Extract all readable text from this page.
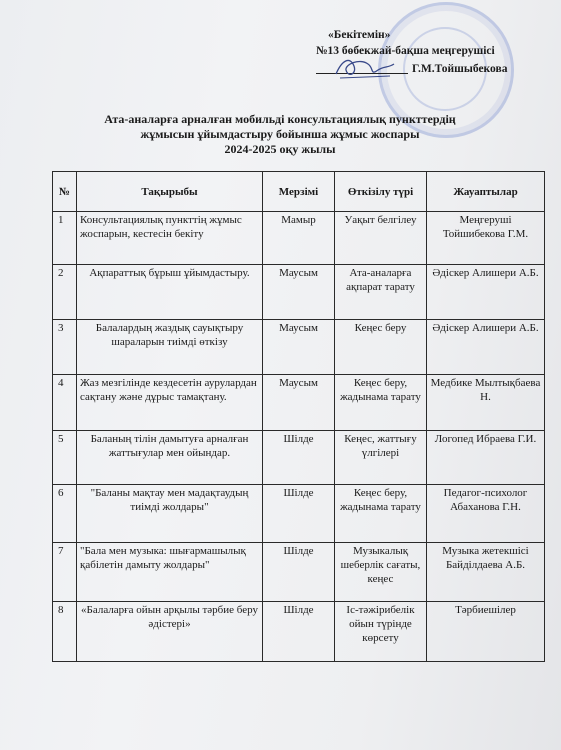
«Бекітемін»
№13 бөбекжай-бақша меңгерушісі
Г.М.Тойшыбекова
Ата-аналарға арналған мобильді консультациялық пункттердің
жұмысын ұйымдастыру бойынша жұмыс жоспары
2024-2025 оқу жылы
№	Тақырыбы	Мерзімі	Өткізілу түрі	Жауаптылар
1	Консультациялық пункттің жұмыс жоспарын, кестесін бекіту	Мамыр	Уақыт белгілеу	Меңгеруші Тойшибекова Г.М.
2	Ақпараттық бұрыш ұйымдастыру.	Маусым	Ата-аналарға ақпарат тарату	Әдіскер Алишери А.Б.
3	Балалардың жаздық сауықтыру шараларын тиімді өткізу	Маусым	Кеңес беру	Әдіскер Алишери А.Б.
4	Жаз мезгілінде кездесетін аурулардан сақтану және дұрыс тамақтану.	Маусым	Кеңес беру, жадынама тарату	Медбике Мылтықбаева Н.
5	Баланың тілін дамытуға арналған жаттығулар мен ойындар.	Шілде	Кеңес, жаттығу үлгілері	Логопед Ибраева Г.И.
6	"Баланы мақтау мен мадақтаудың тиімді жолдары"	Шілде	Кеңес беру, жадынама тарату	Педагог-психолог Абаханова Г.Н.
7	"Бала мен музыка: шығармашылық қабілетін дамыту жолдары"	Шілде	Музыкалық шеберлік сағаты, кеңес	Музыка жетекшісі Байділдаева А.Б.
8	«Балаларға ойын арқылы тәрбие беру әдістері»	Шілде	Іс-тәжірибелік ойын түрінде көрсету	Тәрбиешілер
